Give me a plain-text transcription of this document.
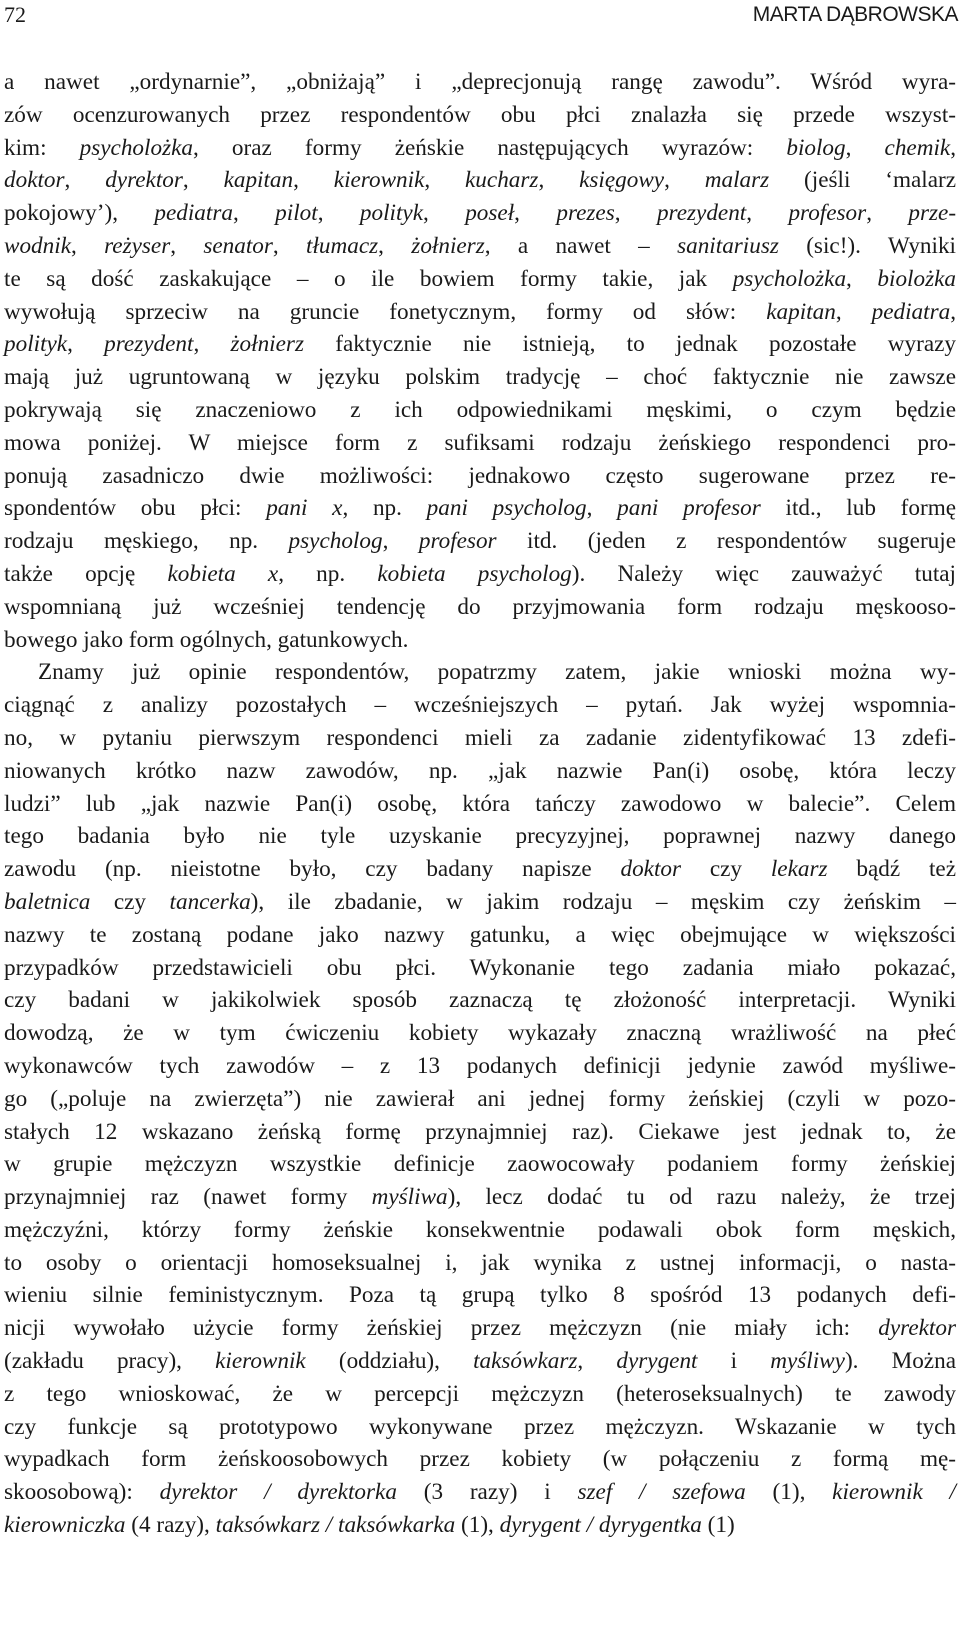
72	MARTA DĄBROWSKA

a nawet „ordynarnie”, „obniżają” i „deprecjonują rangę zawodu”. Wśród wyra-
zów ocenzurowanych przez respondentów obu płci znalazła się przede wszyst-
kim: psycholożka, oraz formy żeńskie następujących wyrazów: biolog, chemik,
doktor, dyrektor, kapitan, kierownik, kucharz, księgowy, malarz (jeśli ‘malarz
pokojowy’), pediatra, pilot, polityk, poseł, prezes, prezydent, profesor, prze-
wodnik, reżyser, senator, tłumacz, żołnierz, a nawet – sanitariusz (sic!). Wyniki
te są dość zaskakujące – o ile bowiem formy takie, jak psycholożka, biolożka
wywołują sprzeciw na gruncie fonetycznym, formy od słów: kapitan, pediatra,
polityk, prezydent, żołnierz faktycznie nie istnieją, to jednak pozostałe wyrazy
mają już ugruntowaną w języku polskim tradycję – choć faktycznie nie zawsze
pokrywają się znaczeniowo z ich odpowiednikami męskimi, o czym będzie
mowa poniżej. W miejsce form z sufiksami rodzaju żeńskiego respondenci pro-
ponują zasadniczo dwie możliwości: jednakowo często sugerowane przez re-
spondentów obu płci: pani x, np. pani psycholog, pani profesor itd., lub formę
rodzaju męskiego, np. psycholog, profesor itd. (jeden z respondentów sugeruje
także opcję kobieta x, np. kobieta psycholog). Należy więc zauważyć tutaj
wspomnianą już wcześniej tendencję do przyjmowania form rodzaju męskooso-
bowego jako form ogólnych, gatunkowych.

Znamy już opinie respondentów, popatrzmy zatem, jakie wnioski można wy-
ciągnąć z analizy pozostałych – wcześniejszych – pytań. Jak wyżej wspomnia-
no, w pytaniu pierwszym respondenci mieli za zadanie zidentyfikować 13 zdefi-
niowanych krótko nazw zawodów, np. „jak nazwie Pan(i) osobę, która leczy
ludzi” lub „jak nazwie Pan(i) osobę, która tańczy zawodowo w balecie”. Celem
tego badania było nie tyle uzyskanie precyzyjnej, poprawnej nazwy danego
zawodu (np. nieistotne było, czy badany napisze doktor czy lekarz bądź też
baletnica czy tancerka), ile zbadanie, w jakim rodzaju – męskim czy żeńskim –
nazwy te zostaną podane jako nazwy gatunku, a więc obejmujące w większości
przypadków przedstawicieli obu płci. Wykonanie tego zadania miało pokazać,
czy badani w jakikolwiek sposób zaznaczą tę złożoność interpretacji. Wyniki
dowodzą, że w tym ćwiczeniu kobiety wykazały znaczną wrażliwość na płeć
wykonawców tych zawodów – z 13 podanych definicji jedynie zawód myśliwe-
go („poluje na zwierzęta”) nie zawierał ani jednej formy żeńskiej (czyli w pozo-
stałych 12 wskazano żeńską formę przynajmniej raz). Ciekawe jest jednak to, że
w grupie mężczyzn wszystkie definicje zaowocowały podaniem formy żeńskiej
przynajmniej raz (nawet formy myśliwa), lecz dodać tu od razu należy, że trzej
mężczyźni, którzy formy żeńskie konsekwentnie podawali obok form męskich,
to osoby o orientacji homoseksualnej i, jak wynika z ustnej informacji, o nasta-
wieniu silnie feministycznym. Poza tą grupą tylko 8 spośród 13 podanych defi-
nicji wywołało użycie formy żeńskiej przez mężczyzn (nie miały ich: dyrektor
(zakładu pracy), kierownik (oddziału), taksówkarz, dyrygent i myśliwy). Można
z tego wnioskować, że w percepcji mężczyzn (heteroseksualnych) te zawody
czy funkcje są prototypowo wykonywane przez mężczyzn. Wskazanie w tych
wypadkach form żeńskoosobowych przez kobiety (w połączeniu z formą mę-
skoosobową): dyrektor / dyrektorka (3 razy) i szef / szefowa (1), kierownik /
kierowniczka (4 razy), taksówkarz / taksówkarka (1), dyrygent / dyrygentka (1)
